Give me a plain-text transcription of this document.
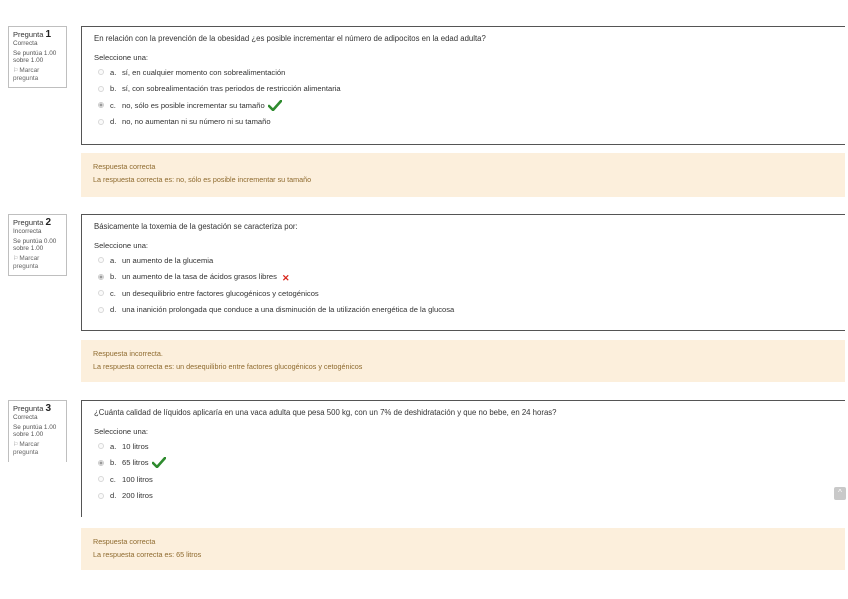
Pregunta 1
Correcta
Se puntúa 1.00 sobre 1.00
⚐Marcar pregunta
En relación con la prevención de la obesidad ¿es posible incrementar el número de adipocitos en la edad adulta?
Seleccione una:
a. sí, en cualquier momento con sobrealimentación
b. sí, con sobrealimentación tras periodos de restricción alimentaria
c. no, sólo es posible incrementar su tamaño
d. no, no aumentan ni su número ni su tamaño
Respuesta correcta
La respuesta correcta es: no, sólo es posible incrementar su tamaño
Pregunta 2
Incorrecta
Se puntúa 0.00 sobre 1.00
⚐Marcar pregunta
Básicamente la toxemia de la gestación se caracteriza por:
Seleccione una:
a. un aumento de la glucemia
b. un aumento de la tasa de ácidos grasos libres ✕
c. un desequilibrio entre factores glucogénicos y cetogénicos
d. una inanición prolongada que conduce a una disminución de la utilización energética de la glucosa
Respuesta incorrecta.
La respuesta correcta es: un desequilibrio entre factores glucogénicos y cetogénicos
Pregunta 3
Correcta
Se puntúa 1.00 sobre 1.00
⚐Marcar pregunta
¿Cuánta calidad de líquidos aplicaría en una vaca adulta que pesa 500 kg, con un 7% de deshidratación y que no bebe, en 24 horas?
Seleccione una:
a. 10 litros
b. 65 litros
c. 100 litros
d. 200 litros
Respuesta correcta
La respuesta correcta es: 65 litros
^
